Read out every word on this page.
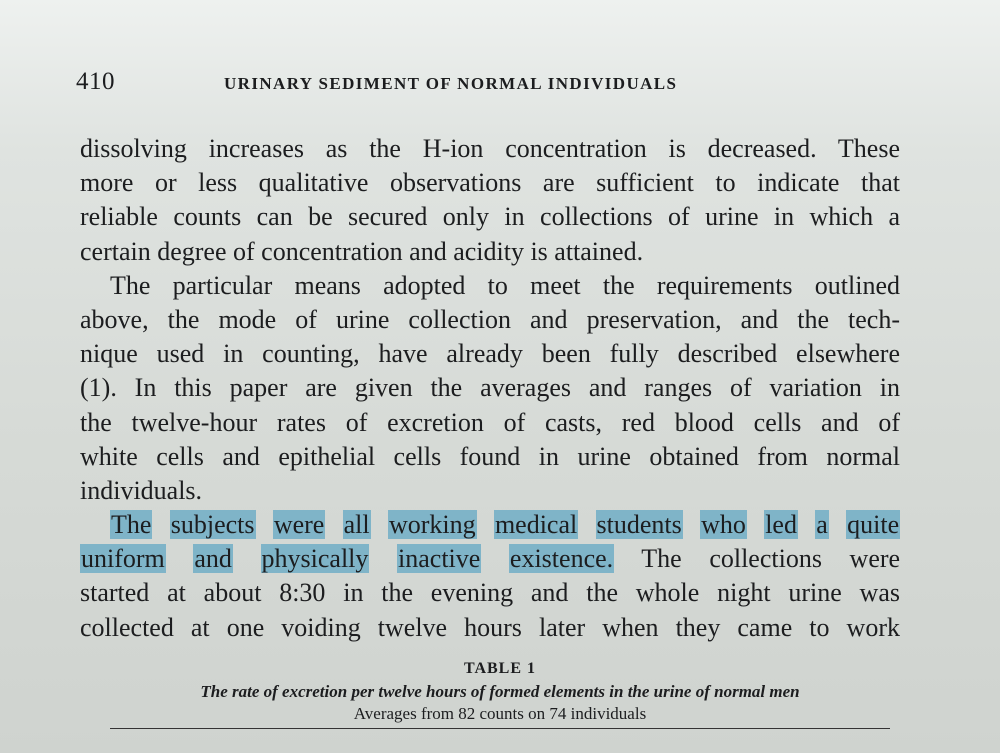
410	URINARY SEDIMENT OF NORMAL INDIVIDUALS
dissolving increases as the H-ion concentration is decreased. These
more or less qualitative observations are sufficient to indicate that
reliable counts can be secured only in collections of urine in which a
certain degree of concentration and acidity is attained.
The particular means adopted to meet the requirements outlined
above, the mode of urine collection and preservation, and the tech-
nique used in counting, have already been fully described elsewhere
(1). In this paper are given the averages and ranges of variation in
the twelve-hour rates of excretion of casts, red blood cells and of
white cells and epithelial cells found in urine obtained from normal
individuals.
The subjects were all working medical students who led a quite
uniform and physically inactive existence. The collections were
started at about 8:30 in the evening and the whole night urine was
collected at one voiding twelve hours later when they came to work
TABLE 1
The rate of excretion per twelve hours of formed elements in the urine of normal men
Averages from 82 counts on 74 individuals
